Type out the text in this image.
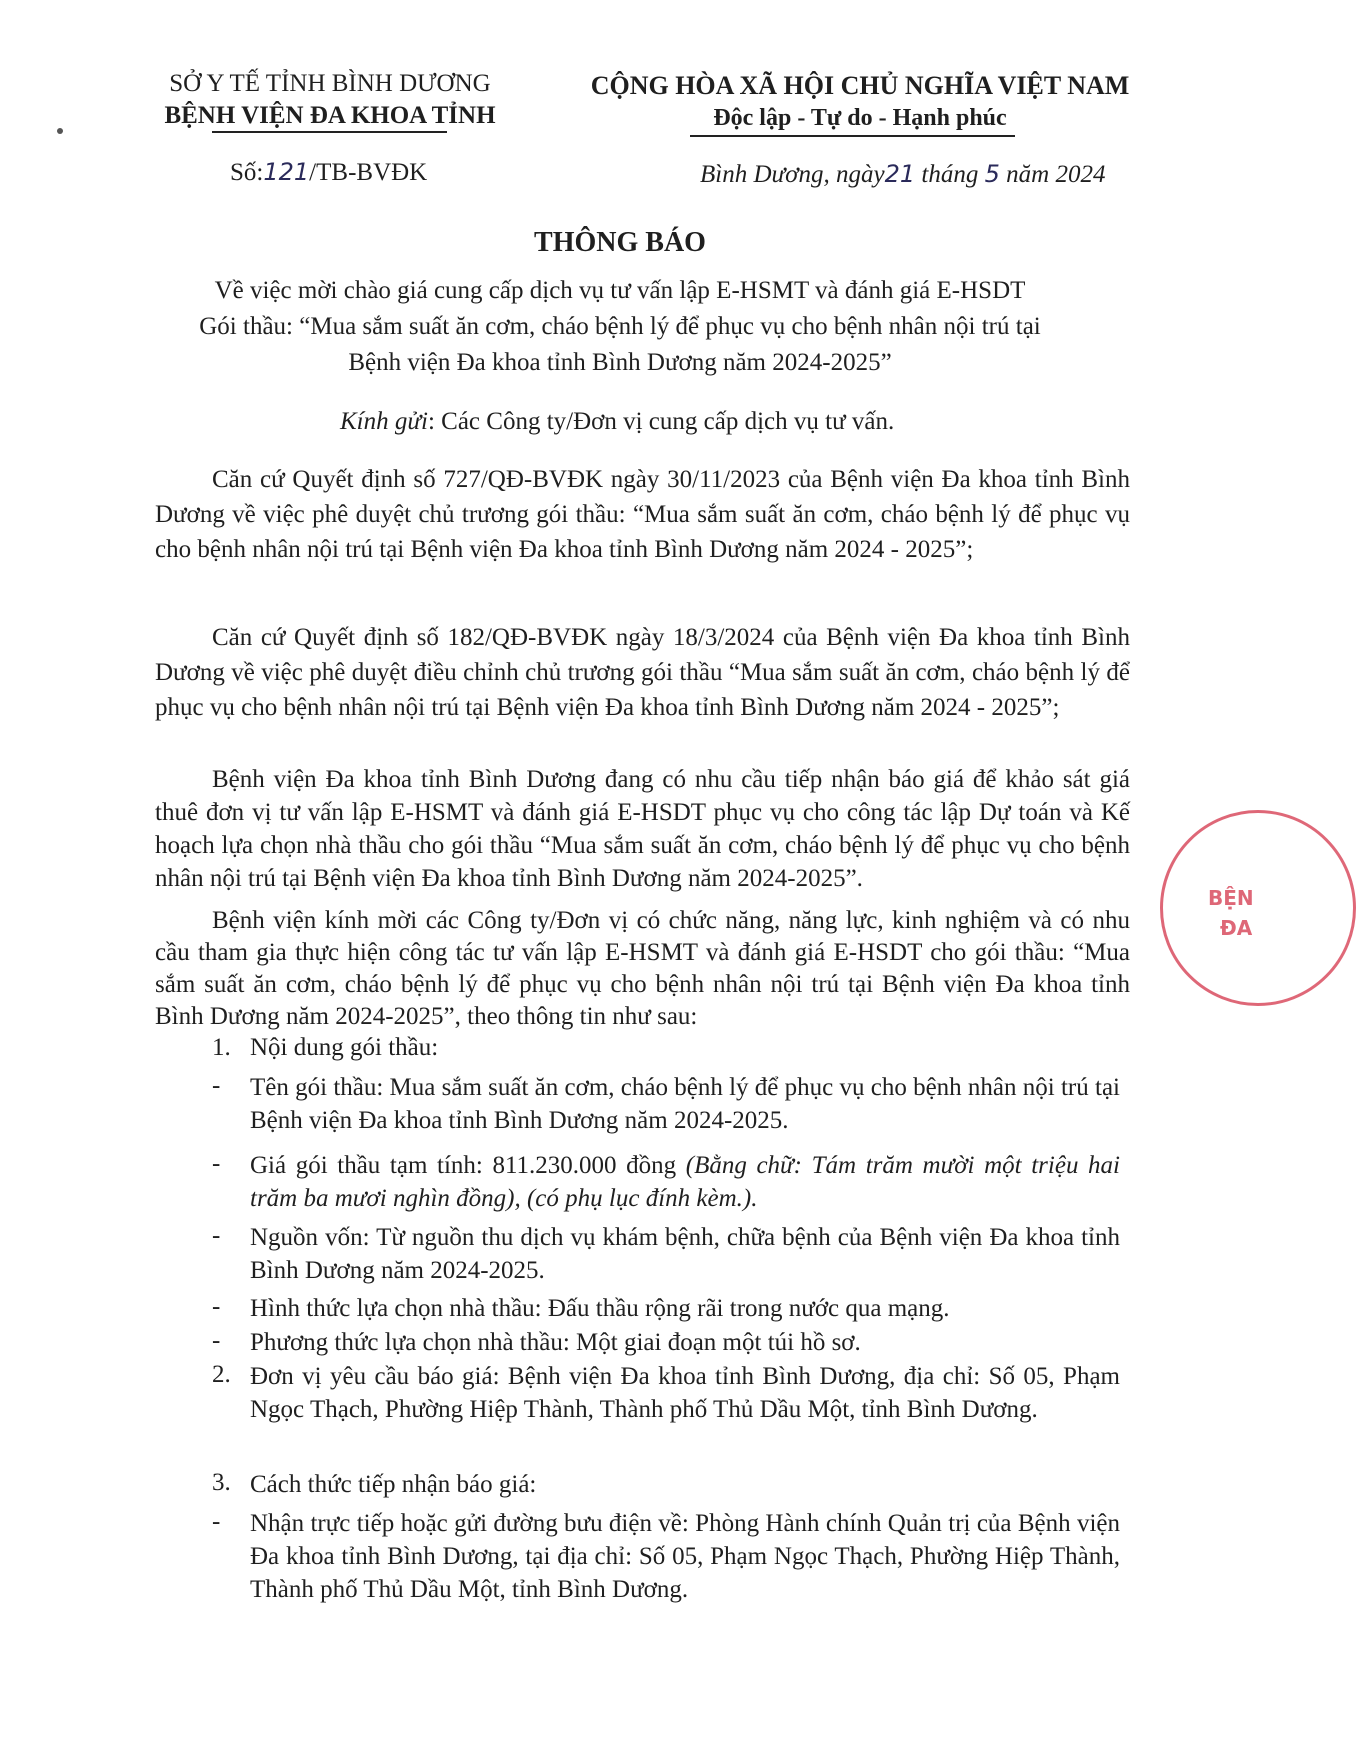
SỞ Y TẾ TỈNH BÌNH DƯƠNG
BỆNH VIỆN ĐA KHOA TỈNH
CỘNG HÒA XÃ HỘI CHỦ NGHĨA VIỆT NAM
Độc lập - Tự do - Hạnh phúc
Số:121/TB-BVĐK	Bình Dương, ngày21 tháng 5 năm 2024
THÔNG BÁO
Về việc mời chào giá cung cấp dịch vụ tư vấn lập E-HSMT và đánh giá E-HSDT
Gói thầu: “Mua sắm suất ăn cơm, cháo bệnh lý để phục vụ cho bệnh nhân nội trú tại
Bệnh viện Đa khoa tỉnh Bình Dương năm 2024-2025”
Kính gửi: Các Công ty/Đơn vị cung cấp dịch vụ tư vấn.
Căn cứ Quyết định số 727/QĐ-BVĐK ngày 30/11/2023 của Bệnh viện Đa khoa tỉnh Bình Dương về việc phê duyệt chủ trương gói thầu: “Mua sắm suất ăn cơm, cháo bệnh lý để phục vụ cho bệnh nhân nội trú tại Bệnh viện Đa khoa tỉnh Bình Dương năm 2024 - 2025”;
Căn cứ Quyết định số 182/QĐ-BVĐK ngày 18/3/2024 của Bệnh viện Đa khoa tỉnh Bình Dương về việc phê duyệt điều chỉnh chủ trương gói thầu “Mua sắm suất ăn cơm, cháo bệnh lý để phục vụ cho bệnh nhân nội trú tại Bệnh viện Đa khoa tỉnh Bình Dương năm 2024 - 2025”;
Bệnh viện Đa khoa tỉnh Bình Dương đang có nhu cầu tiếp nhận báo giá để khảo sát giá thuê đơn vị tư vấn lập E-HSMT và đánh giá E-HSDT phục vụ cho công tác lập Dự toán và Kế hoạch lựa chọn nhà thầu cho gói thầu “Mua sắm suất ăn cơm, cháo bệnh lý để phục vụ cho bệnh nhân nội trú tại Bệnh viện Đa khoa tỉnh Bình Dương năm 2024-2025”.
Bệnh viện kính mời các Công ty/Đơn vị có chức năng, năng lực, kinh nghiệm và có nhu cầu tham gia thực hiện công tác tư vấn lập E-HSMT và đánh giá E-HSDT cho gói thầu: “Mua sắm suất ăn cơm, cháo bệnh lý để phục vụ cho bệnh nhân nội trú tại Bệnh viện Đa khoa tỉnh Bình Dương năm 2024-2025”, theo thông tin như sau:
1. Nội dung gói thầu:
- Tên gói thầu: Mua sắm suất ăn cơm, cháo bệnh lý để phục vụ cho bệnh nhân nội trú tại Bệnh viện Đa khoa tỉnh Bình Dương năm 2024-2025.
- Giá gói thầu tạm tính: 811.230.000 đồng (Bằng chữ: Tám trăm mười một triệu hai trăm ba mươi nghìn đồng), (có phụ lục đính kèm.).
- Nguồn vốn: Từ nguồn thu dịch vụ khám bệnh, chữa bệnh của Bệnh viện Đa khoa tỉnh Bình Dương năm 2024-2025.
- Hình thức lựa chọn nhà thầu: Đấu thầu rộng rãi trong nước qua mạng.
- Phương thức lựa chọn nhà thầu: Một giai đoạn một túi hồ sơ.
2. Đơn vị yêu cầu báo giá: Bệnh viện Đa khoa tỉnh Bình Dương, địa chỉ: Số 05, Phạm Ngọc Thạch, Phường Hiệp Thành, Thành phố Thủ Dầu Một, tỉnh Bình Dương.
3. Cách thức tiếp nhận báo giá:
- Nhận trực tiếp hoặc gửi đường bưu điện về: Phòng Hành chính Quản trị của Bệnh viện Đa khoa tỉnh Bình Dương, tại địa chỉ: Số 05, Phạm Ngọc Thạch, Phường Hiệp Thành, Thành phố Thủ Dầu Một, tỉnh Bình Dương.
BỆN
ĐA
